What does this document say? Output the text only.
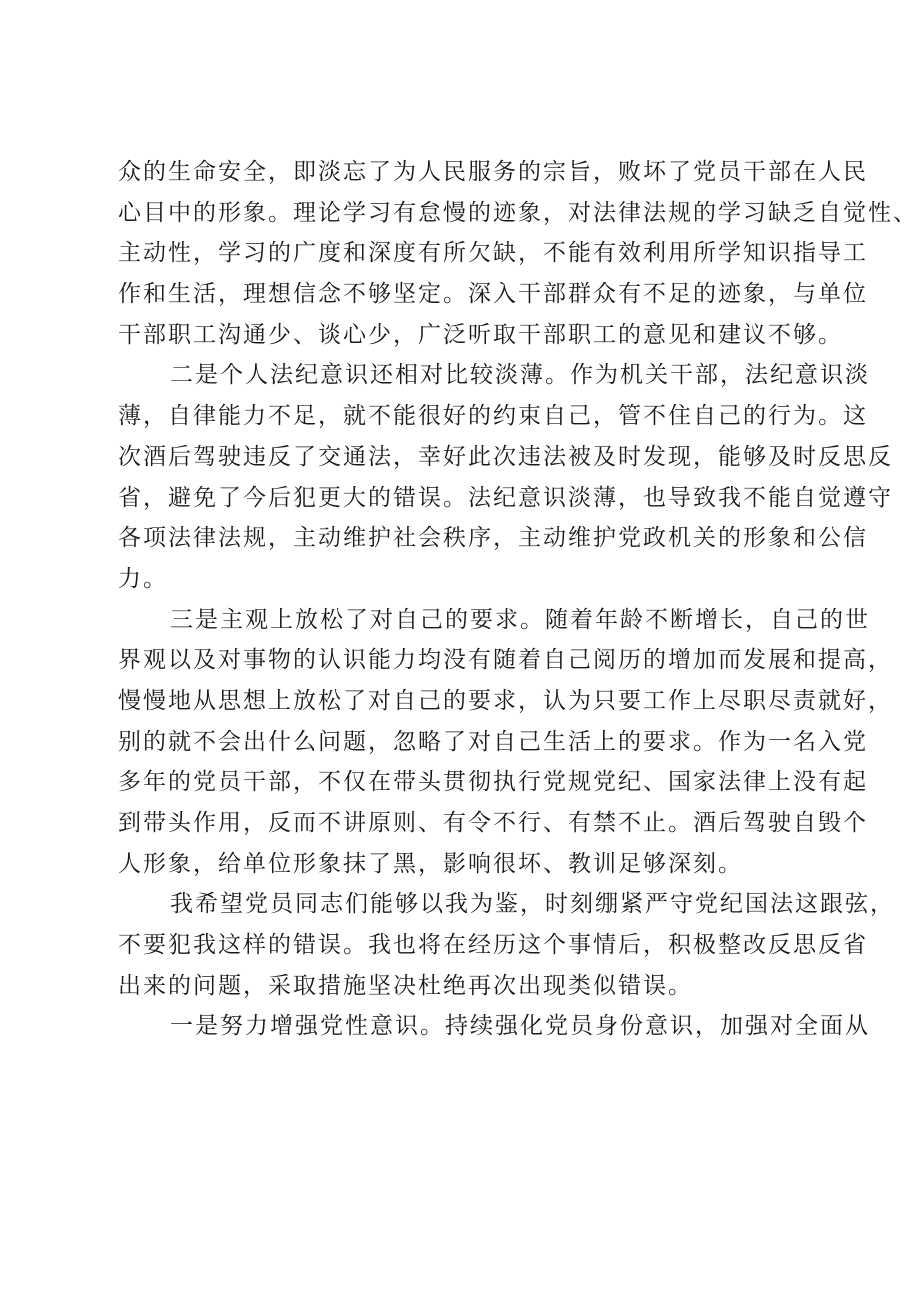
众的生命安全，即淡忘了为人民服务的宗旨，败坏了党员干部在人民
心目中的形象。理论学习有怠慢的迹象，对法律法规的学习缺乏自觉性、
主动性，学习的广度和深度有所欠缺，不能有效利用所学知识指导工
作和生活，理想信念不够坚定。深入干部群众有不足的迹象，与单位
干部职工沟通少、谈心少，广泛听取干部职工的意见和建议不够。
二是个人法纪意识还相对比较淡薄。作为机关干部，法纪意识淡
薄，自律能力不足，就不能很好的约束自己，管不住自己的行为。这
次酒后驾驶违反了交通法，幸好此次违法被及时发现，能够及时反思反
省，避免了今后犯更大的错误。法纪意识淡薄，也导致我不能自觉遵守
各项法律法规，主动维护社会秩序，主动维护党政机关的形象和公信
力。
三是主观上放松了对自己的要求。随着年龄不断增长，自己的世
界观以及对事物的认识能力均没有随着自己阅历的增加而发展和提高，
慢慢地从思想上放松了对自己的要求，认为只要工作上尽职尽责就好，
别的就不会出什么问题，忽略了对自己生活上的要求。作为一名入党
多年的党员干部，不仅在带头贯彻执行党规党纪、国家法律上没有起
到带头作用，反而不讲原则、有令不行、有禁不止。酒后驾驶自毁个
人形象，给单位形象抹了黑，影响很坏、教训足够深刻。
我希望党员同志们能够以我为鉴，时刻绷紧严守党纪国法这跟弦，
不要犯我这样的错误。我也将在经历这个事情后，积极整改反思反省
出来的问题，采取措施坚决杜绝再次出现类似错误。
一是努力增强党性意识。持续强化党员身份意识，加强对全面从
